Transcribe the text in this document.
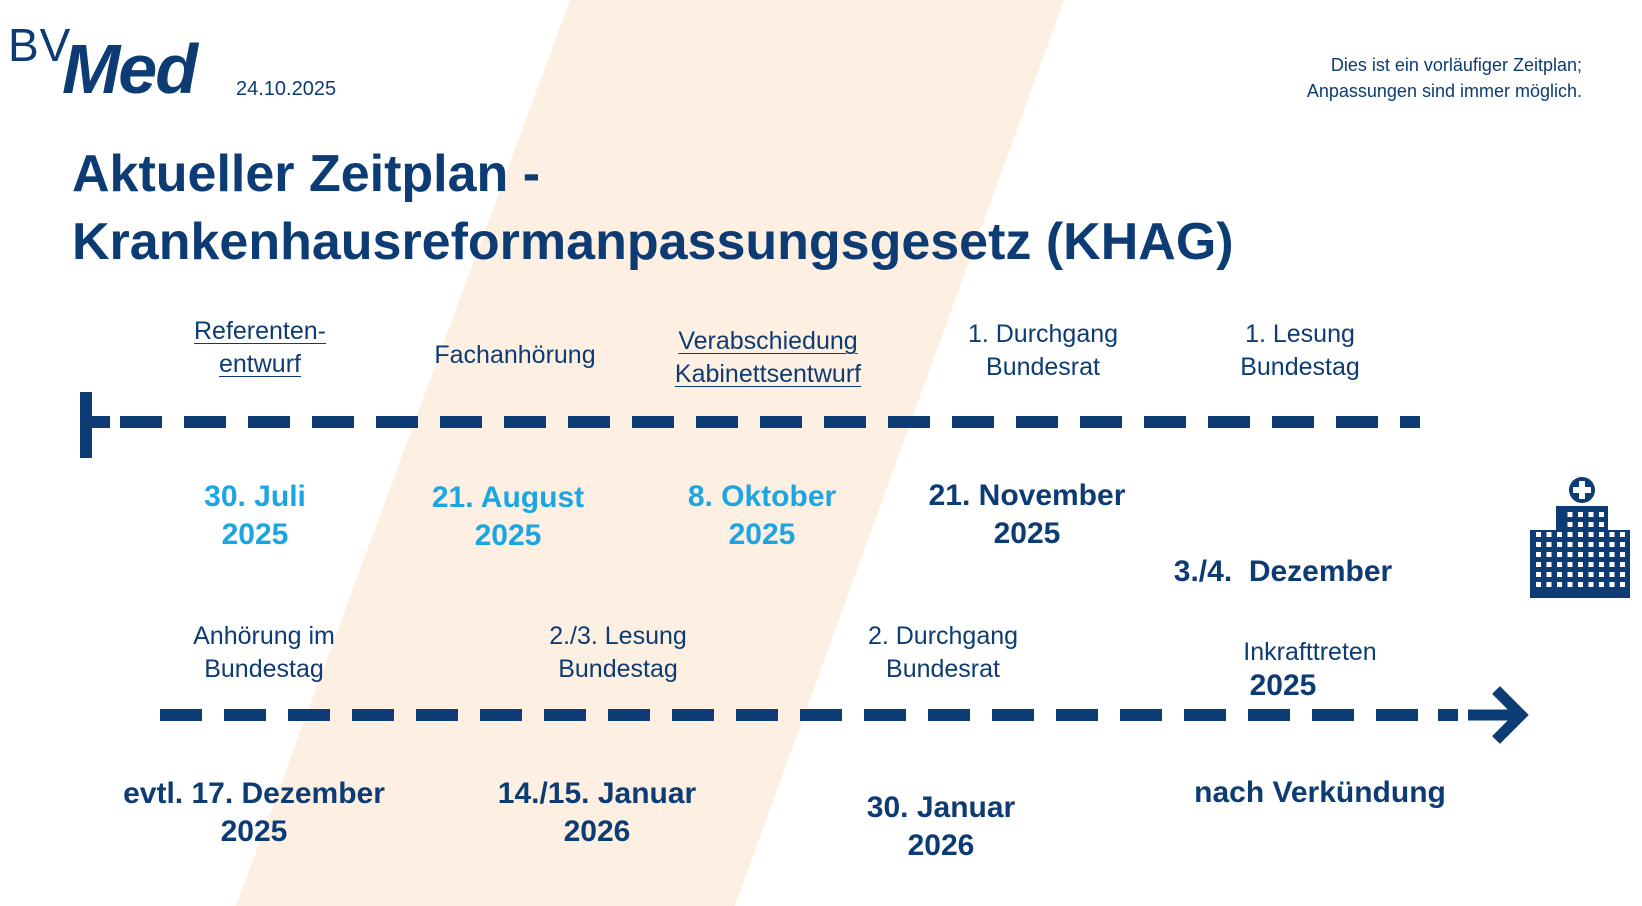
BV
Med 24.10.2025
Dies ist ein vorläufiger Zeitplan;
Anpassungen sind immer möglich.
Aktueller Zeitplan -
Krankenhausreformanpassungsgesetz (KHAG)
Referenten-
entwurf	Fachanhörung	Verabschiedung
Kabinettsentwurf
1. Durchgang
Bundesrat
1. Lesung
Bundestag
30. Juli
2025
21. August
2025
8. Oktober
2025
21. November
2025

3./4.  Dezember

2025

Anhörung im
Bundestag
2./3. Lesung
Bundestag
2. Durchgang
Bundesrat
Inkrafttreten
evtl. 17. Dezember
2025
14./15. Januar
2026
30. Januar
2026
nach Verkündung
